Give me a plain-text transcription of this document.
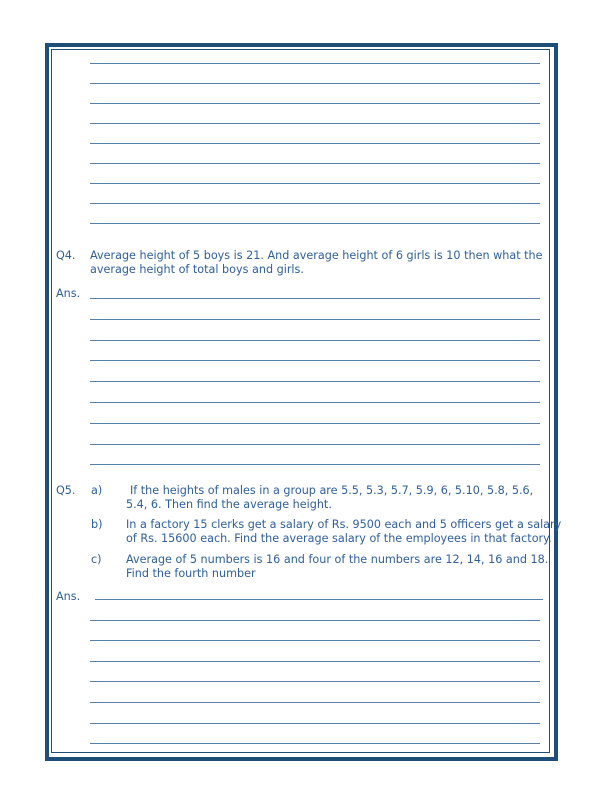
Q4. Average height of 5 boys is 21. And average height of 6 girls is 10 then what the
average height of total boys and girls.
Ans.
Q5. a) If the heights of males in a group are 5.5, 5.3, 5.7, 5.9, 6, 5.10, 5.8, 5.6,
5.4, 6. Then find the average height.
b) In a factory 15 clerks get a salary of Rs. 9500 each and 5 officers get a salary
of Rs. 15600 each. Find the average salary of the employees in that factory.
c) Average of 5 numbers is 16 and four of the numbers are 12, 14, 16 and 18.
Find the fourth number
Ans.
